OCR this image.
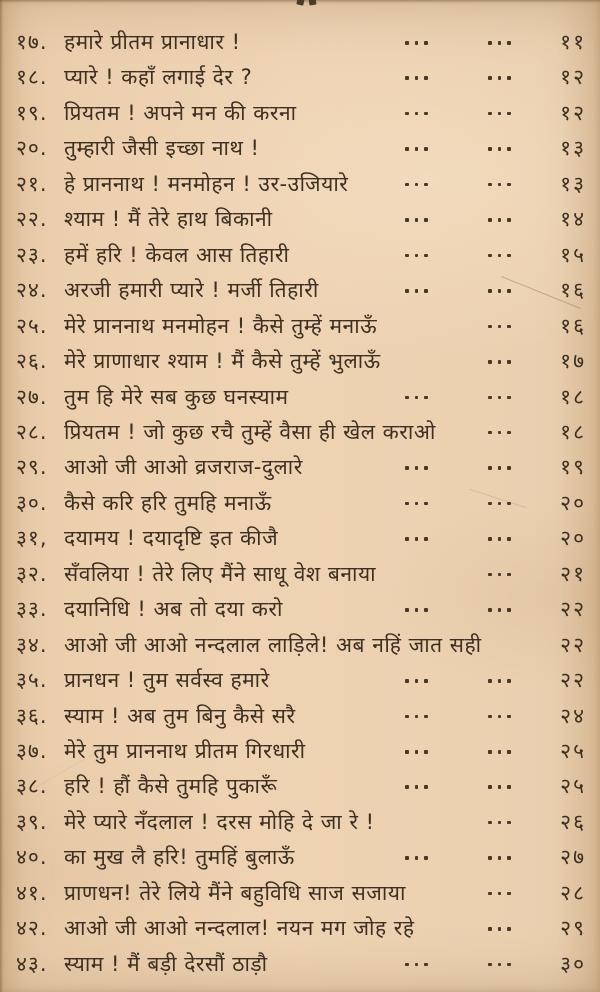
१७. हमारे प्रीतम प्रानाधार !	११
१८. प्यारे ! कहाँ लगाई देर ?	१२
१९. प्रियतम ! अपने मन की करना	१२
२०. तुम्हारी जैसी इच्छा नाथ !	१३
२१. हे प्राननाथ ! मनमोहन ! उर-उजियारे	१३
२२. श्याम ! मैं तेरे हाथ बिकानी	१४
२३. हमें हरि ! केवल आस तिहारी	१५
२४. अरजी हमारी प्यारे ! मर्जी तिहारी	१६
२५. मेरे प्राननाथ मनमोहन ! कैसे तुम्हें मनाऊँ	१६
२६. मेरे प्राणाधार श्याम ! मैं कैसे तुम्हें भुलाऊँ	१७
२७. तुम हि मेरे सब कुछ घनस्याम	१८
२८. प्रियतम ! जो कुछ रचै तुम्हें वैसा ही खेल कराओ	१८
२९. आओ जी आओ व्रजराज-दुलारे	१९
३०. कैसे करि हरि तुमहि मनाऊँ	२०
३१, दयामय ! दयादृष्टि इत कीजै	२०
३२. सँवलिया ! तेरे लिए मैंने साधू वेश बनाया	२१
३३. दयानिधि ! अब तो दया करो	२२
३४. आओ जी आओ नन्दलाल लाड़िले! अब नहिं जात सही	२२
३५. प्रानधन ! तुम सर्वस्व हमारे	२२
३६. स्याम ! अब तुम बिनु कैसे सरै	२४
३७. मेरे तुम प्राननाथ प्रीतम गिरधारी	२५
३८. हरि ! हौं कैसे तुमहि पुकारूँ	२५
३९. मेरे प्यारे नँदलाल ! दरस मोहि दे जा रे !	२६
४०. का मुख लै हरि! तुमहिं बुलाऊँ	२७
४१. प्राणधन! तेरे लिये मैंने बहुविधि साज सजाया	२८
४२. आओ जी आओ नन्दलाल! नयन मग जोह रहे	२९
४३. स्याम ! मैं बड़ी देरसौं ठाड़ौ	३०
